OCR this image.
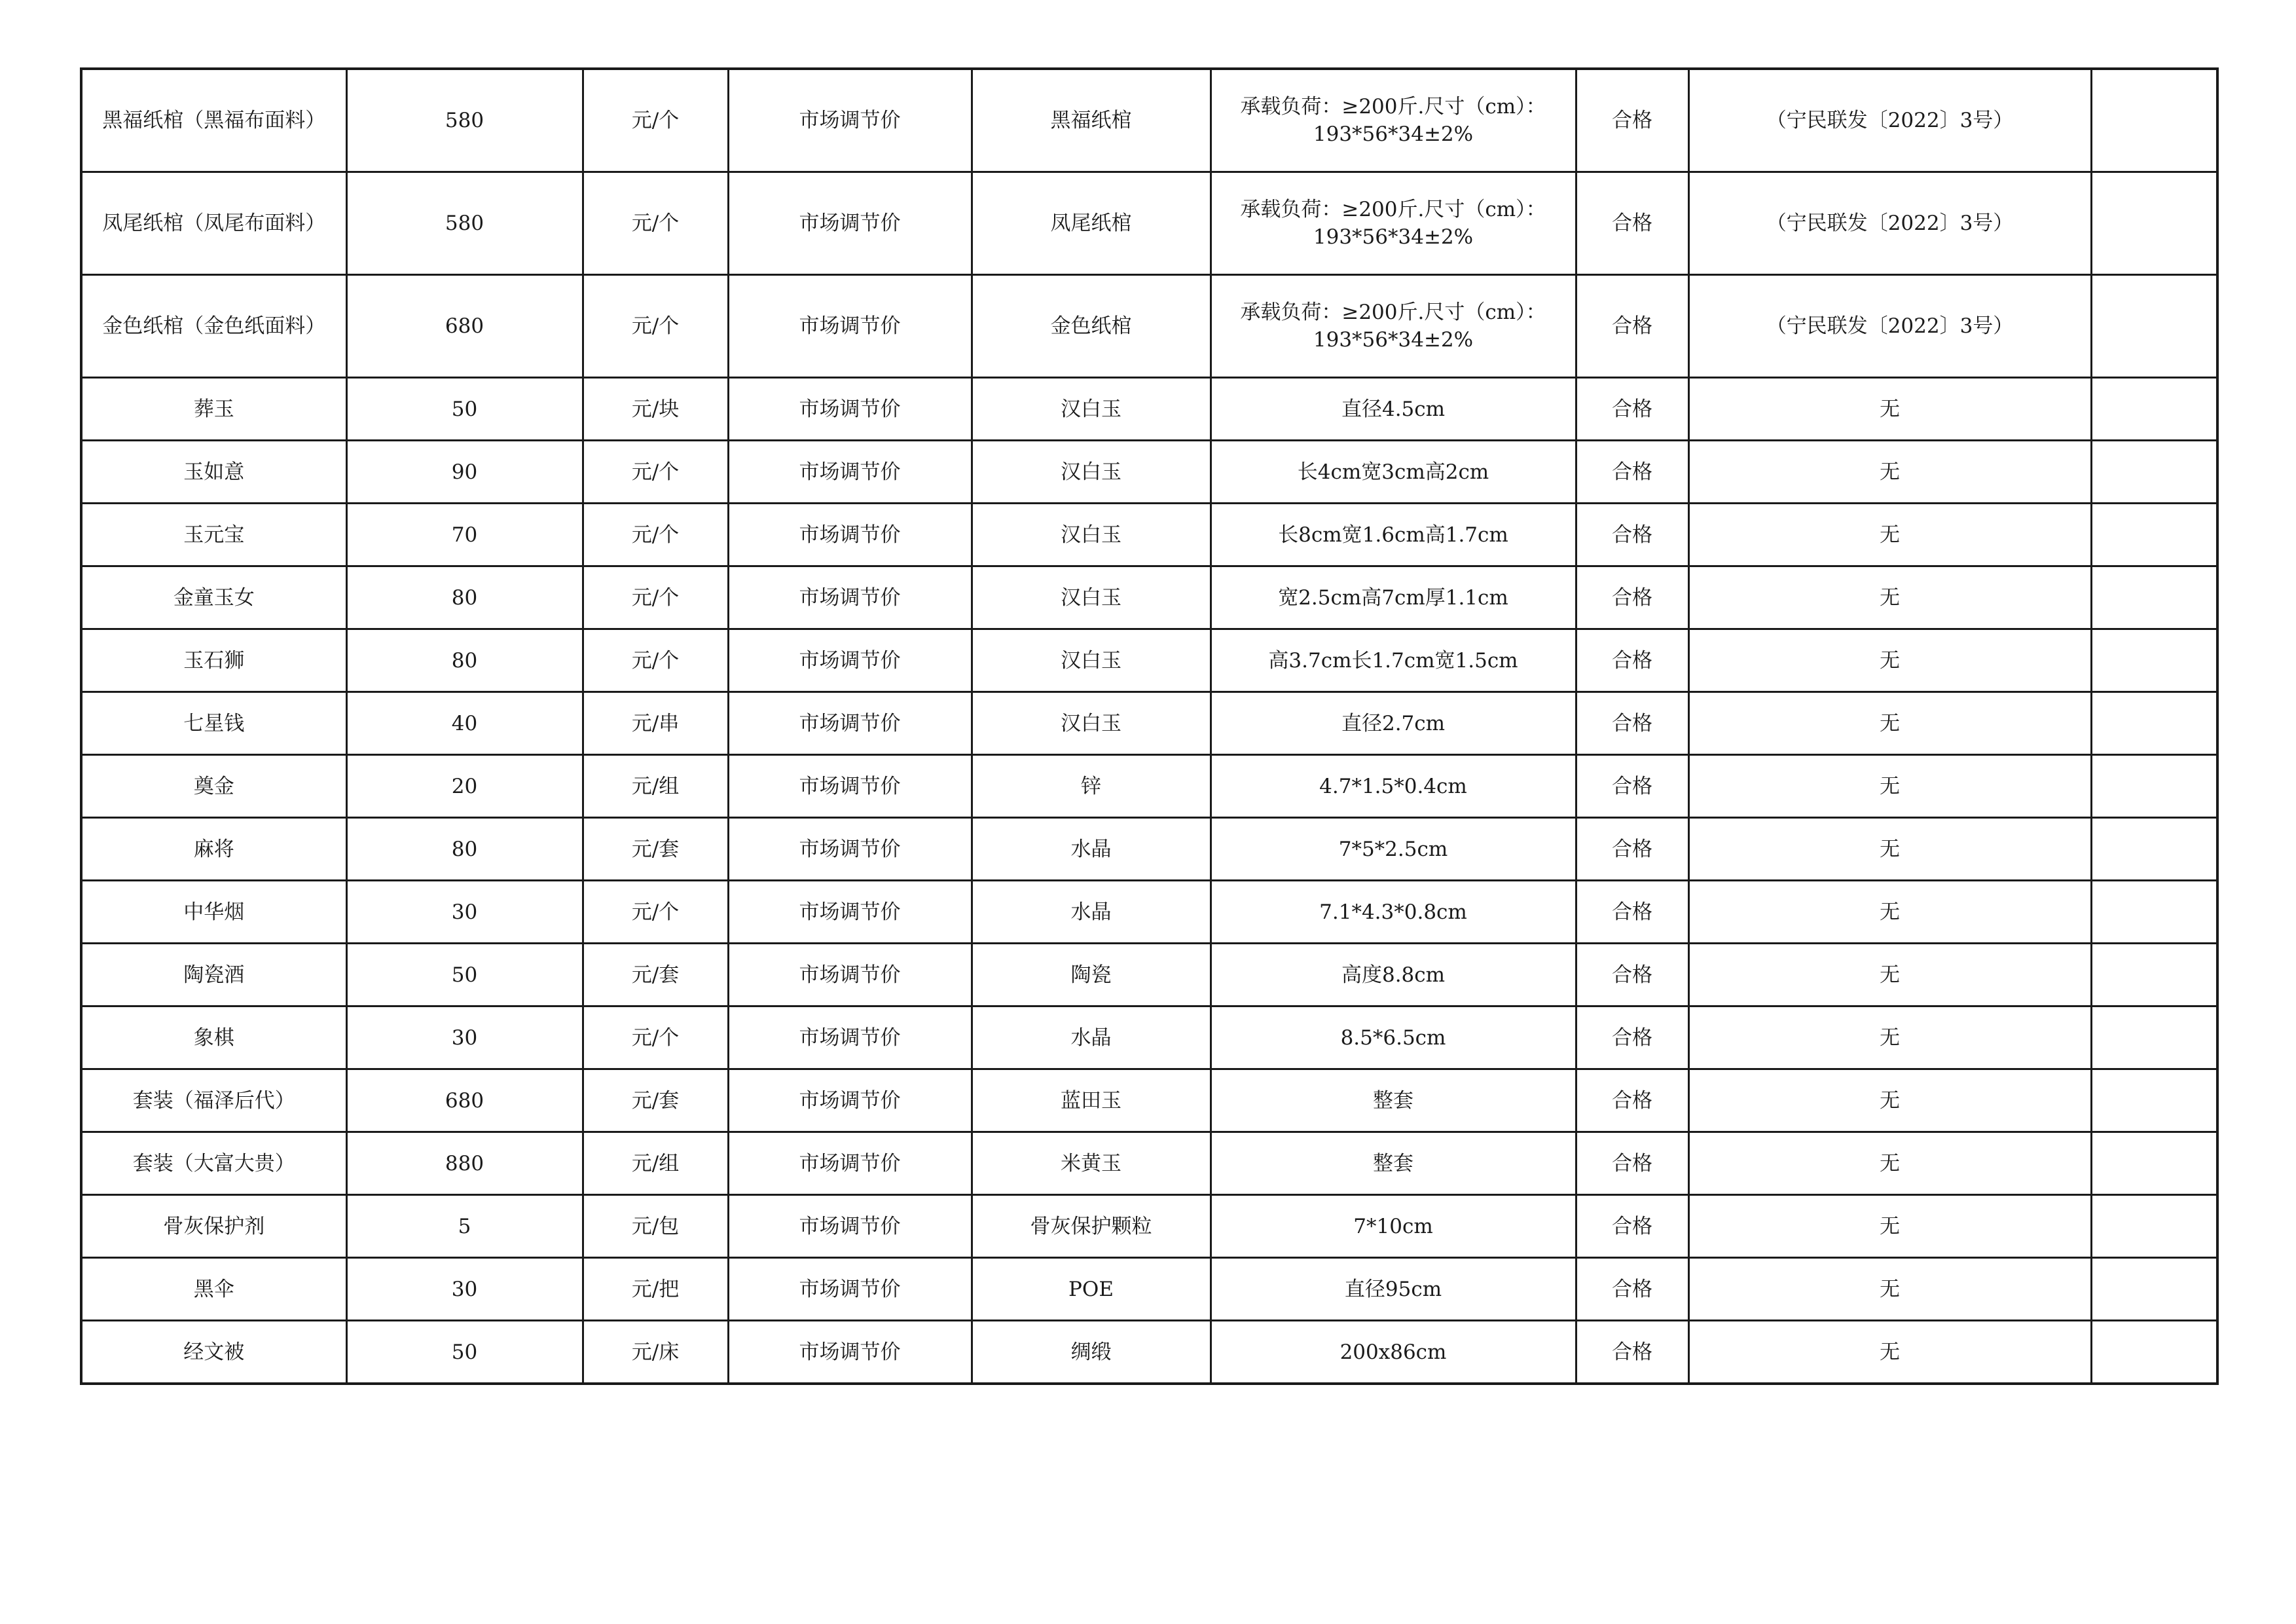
黑福纸棺（黑福布面料）	580	元/个	市场调节价	黑福纸棺	承载负荷：≥200斤.尺寸（cm）：
193*56*34±2%	合格	（宁民联发〔2022〕3号）	
凤尾纸棺（凤尾布面料）	580	元/个	市场调节价	凤尾纸棺	承载负荷：≥200斤.尺寸（cm）：
193*56*34±2%	合格	（宁民联发〔2022〕3号）	
金色纸棺（金色纸面料）	680	元/个	市场调节价	金色纸棺	承载负荷：≥200斤.尺寸（cm）：
193*56*34±2%	合格	（宁民联发〔2022〕3号）	
葬玉	50	元/块	市场调节价	汉白玉	直径4.5cm	合格	无	
玉如意	90	元/个	市场调节价	汉白玉	长4cm宽3cm高2cm	合格	无	
玉元宝	70	元/个	市场调节价	汉白玉	长8cm宽1.6cm高1.7cm	合格	无	
金童玉女	80	元/个	市场调节价	汉白玉	宽2.5cm高7cm厚1.1cm	合格	无	
玉石狮	80	元/个	市场调节价	汉白玉	高3.7cm长1.7cm宽1.5cm	合格	无	
七星钱	40	元/串	市场调节价	汉白玉	直径2.7cm	合格	无	
奠金	20	元/组	市场调节价	锌	4.7*1.5*0.4cm	合格	无	
麻将	80	元/套	市场调节价	水晶	7*5*2.5cm	合格	无	
中华烟	30	元/个	市场调节价	水晶	7.1*4.3*0.8cm	合格	无	
陶瓷酒	50	元/套	市场调节价	陶瓷	高度8.8cm	合格	无	
象棋	30	元/个	市场调节价	水晶	8.5*6.5cm	合格	无	
套装（福泽后代）	680	元/套	市场调节价	蓝田玉	整套	合格	无	
套装（大富大贵）	880	元/组	市场调节价	米黄玉	整套	合格	无	
骨灰保护剂	5	元/包	市场调节价	骨灰保护颗粒	7*10cm	合格	无	
黑伞	30	元/把	市场调节价	POE	直径95cm	合格	无	
经文被	50	元/床	市场调节价	绸缎	200x86cm	合格	无	
